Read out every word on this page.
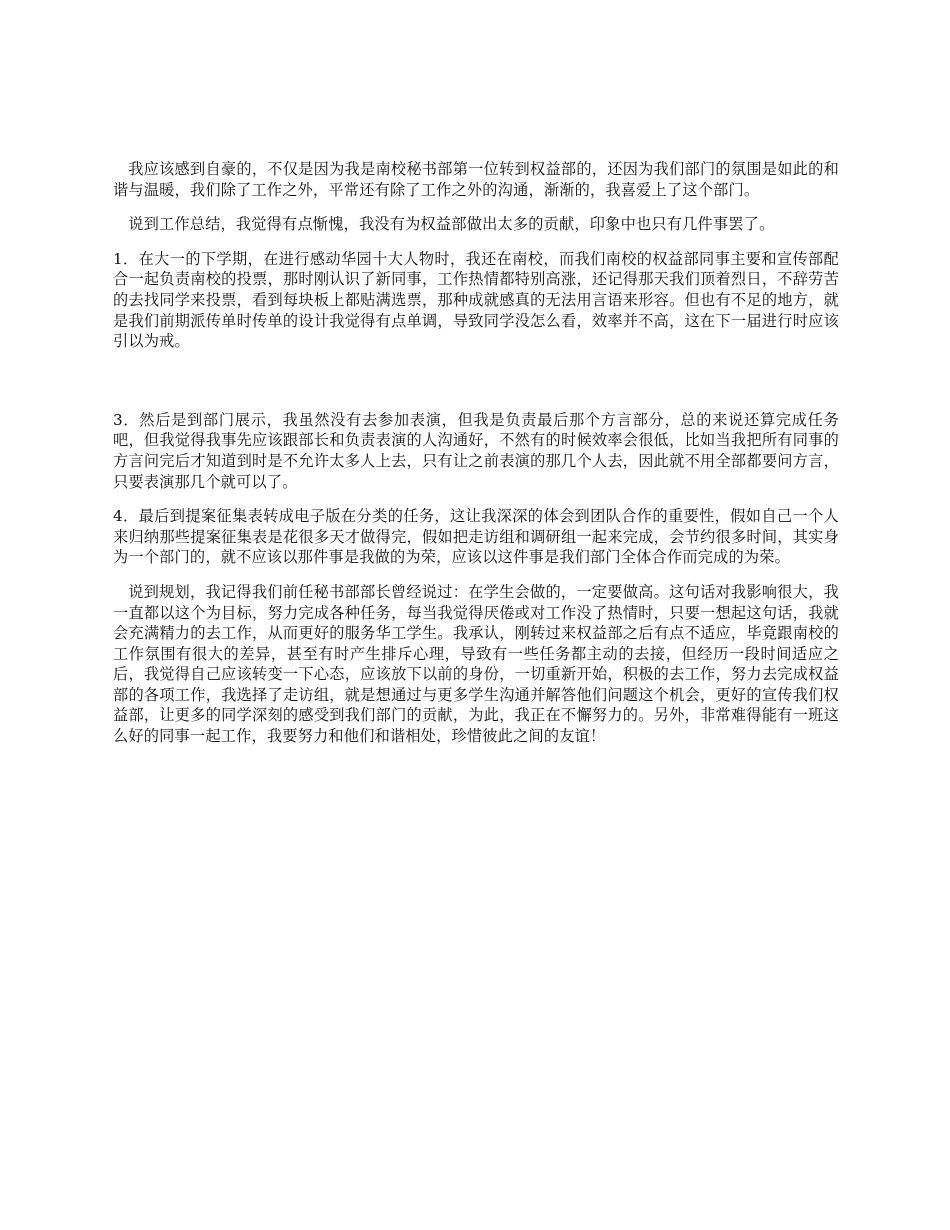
我应该感到自豪的，不仅是因为我是南校秘书部第一位转到权益部的，还因为我们部门的氛围是如此的和谐与温暖，我们除了工作之外，平常还有除了工作之外的沟通，渐渐的，我喜爱上了这个部门。

说到工作总结，我觉得有点惭愧，我没有为权益部做出太多的贡献，印象中也只有几件事罢了。

1．在大一的下学期，在进行感动华园十大人物时，我还在南校，而我们南校的权益部同事主要和宣传部配合一起负责南校的投票，那时刚认识了新同事，工作热情都特别高涨，还记得那天我们顶着烈日，不辞劳苦的去找同学来投票，看到每块板上都贴满选票，那种成就感真的无法用言语来形容。但也有不足的地方，就是我们前期派传单时传单的设计我觉得有点单调，导致同学没怎么看，效率并不高，这在下一届进行时应该引以为戒。

3．然后是到部门展示，我虽然没有去参加表演，但我是负责最后那个方言部分，总的来说还算完成任务吧，但我觉得我事先应该跟部长和负责表演的人沟通好，不然有的时候效率会很低，比如当我把所有同事的方言问完后才知道到时是不允许太多人上去，只有让之前表演的那几个人去，因此就不用全部都要问方言，只要表演那几个就可以了。

4．最后到提案征集表转成电子版在分类的任务，这让我深深的体会到团队合作的重要性，假如自己一个人来归纳那些提案征集表是花很多天才做得完，假如把走访组和调研组一起来完成，会节约很多时间，其实身为一个部门的，就不应该以那件事是我做的为荣，应该以这件事是我们部门全体合作而完成的为荣。

说到规划，我记得我们前任秘书部部长曾经说过：在学生会做的，一定要做高。这句话对我影响很大，我一直都以这个为目标，努力完成各种任务，每当我觉得厌倦或对工作没了热情时，只要一想起这句话，我就会充满精力的去工作，从而更好的服务华工学生。我承认，刚转过来权益部之后有点不适应，毕竟跟南校的工作氛围有很大的差异，甚至有时产生排斥心理，导致有一些任务都主动的去接，但经历一段时间适应之后，我觉得自己应该转变一下心态，应该放下以前的身份，一切重新开始，积极的去工作，努力去完成权益部的各项工作，我选择了走访组，就是想通过与更多学生沟通并解答他们问题这个机会，更好的宣传我们权益部，让更多的同学深刻的感受到我们部门的贡献，为此，我正在不懈努力的。另外，非常难得能有一班这么好的同事一起工作，我要努力和他们和谐相处，珍惜彼此之间的友谊！
